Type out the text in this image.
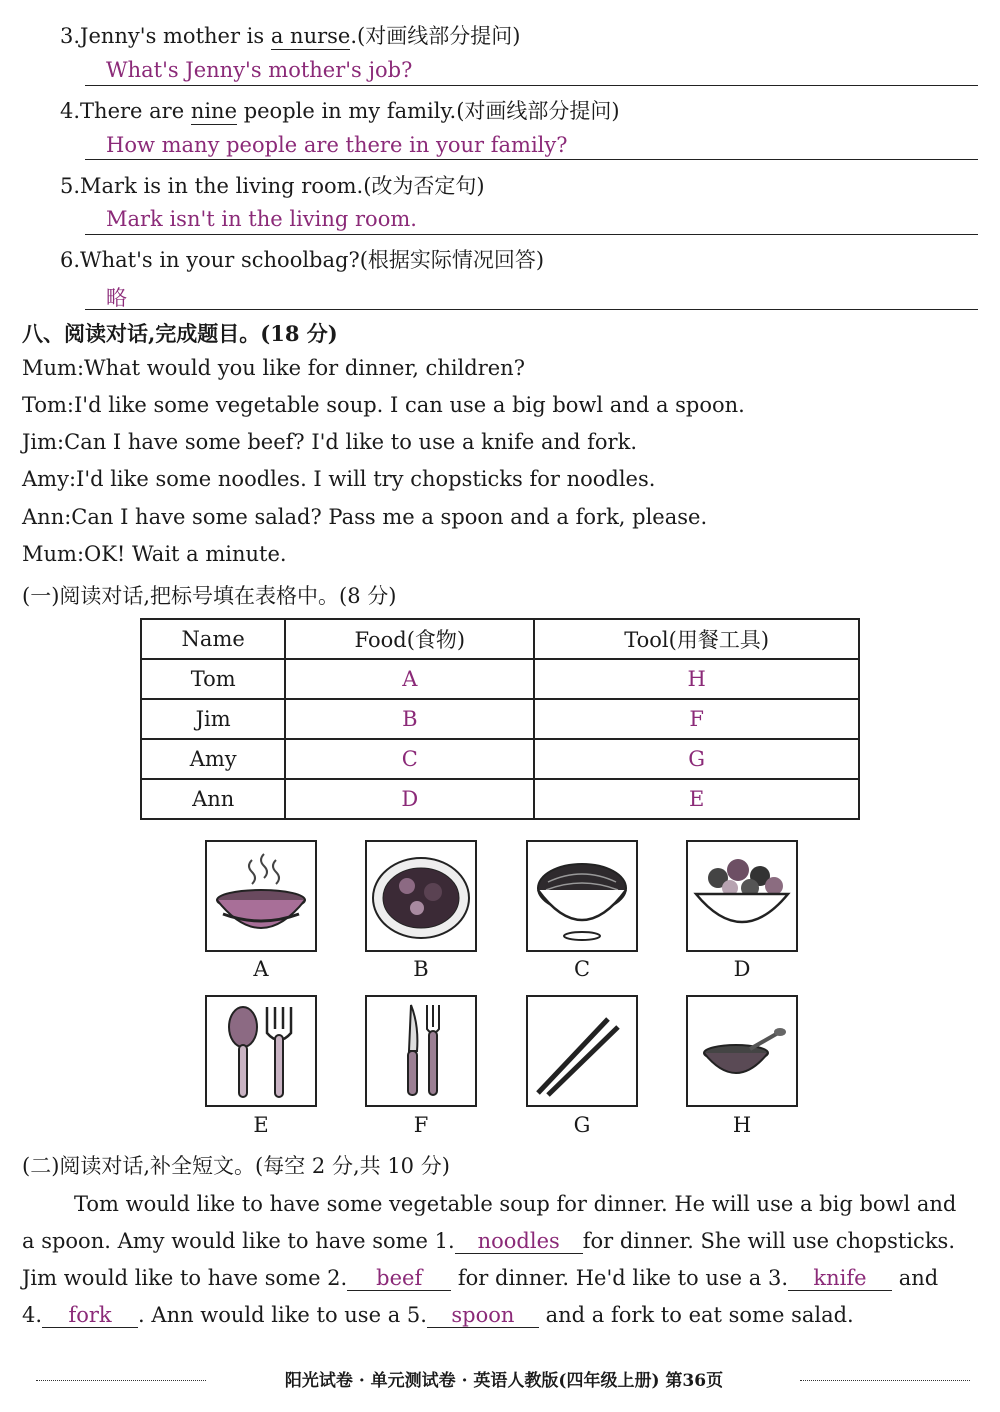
3.Jenny's mother is a nurse.(对画线部分提问)
What's Jenny's mother's job?
4.There are nine people in my family.(对画线部分提问)
How many people are there in your family?
5.Mark is in the living room.(改为否定句)
Mark isn't in the living room.
6.What's in your schoolbag?(根据实际情况回答)
略
八、阅读对话,完成题目。(18 分)
Mum:What would you like for dinner, children?
Tom:I'd like some vegetable soup. I can use a big bowl and a spoon.
Jim:Can I have some beef? I'd like to use a knife and fork.
Amy:I'd like some noodles. I will try chopsticks for noodles.
Ann:Can I have some salad? Pass me a spoon and a fork, please.
Mum:OK! Wait a minute.
(一)阅读对话,把标号填在表格中。(8 分)
Name	Food(食物)	Tool(用餐工具)
Tom	A	H
Jim	B	F
Amy	C	G
Ann	D	E
A	B	C	D
E	F	G	H
(二)阅读对话,补全短文。(每空 2 分,共 10 分)
Tom would like to have some vegetable soup for dinner. He will use a big bowl and
a spoon. Amy would like to have some 1. noodles for dinner. She will use chopsticks.
Jim would like to have some 2. beef for dinner. He'd like to use a 3. knife and
4. fork . Ann would like to use a 5. spoon and a fork to eat some salad.
阳光试卷 · 单元测试卷 · 英语人教版(四年级上册) 第36页
